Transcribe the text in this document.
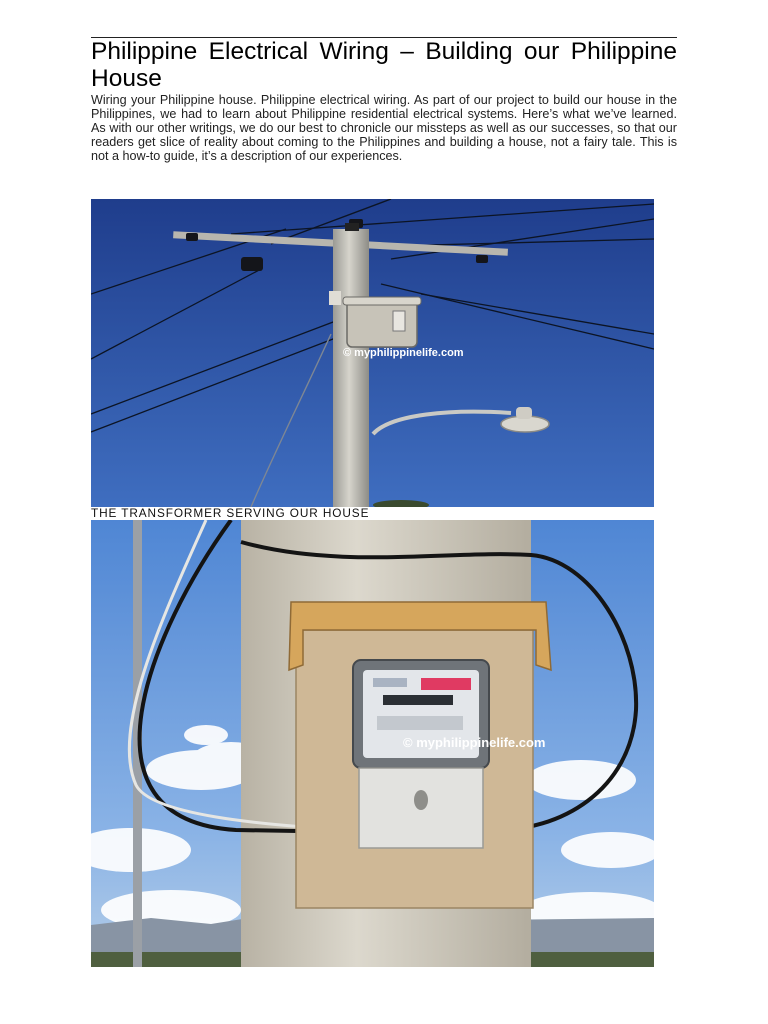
Philippine Electrical Wiring – Building our Philippine House

Wiring your Philippine house. Philippine electrical wiring. As part of our project to build our house in the Philippines, we had to learn about Philippine residential electrical systems. Here’s what we’ve learned. As with our other writings, we do our best to chronicle our missteps as well as our successes, so that our readers get slice of reality about coming to the Philippines and building a house, not a fairy tale. This is not a how-to guide, it’s a description of our experiences.

© myphilippinelife.com

THE TRANSFORMER SERVING OUR HOUSE

© myphilippinelife.com
